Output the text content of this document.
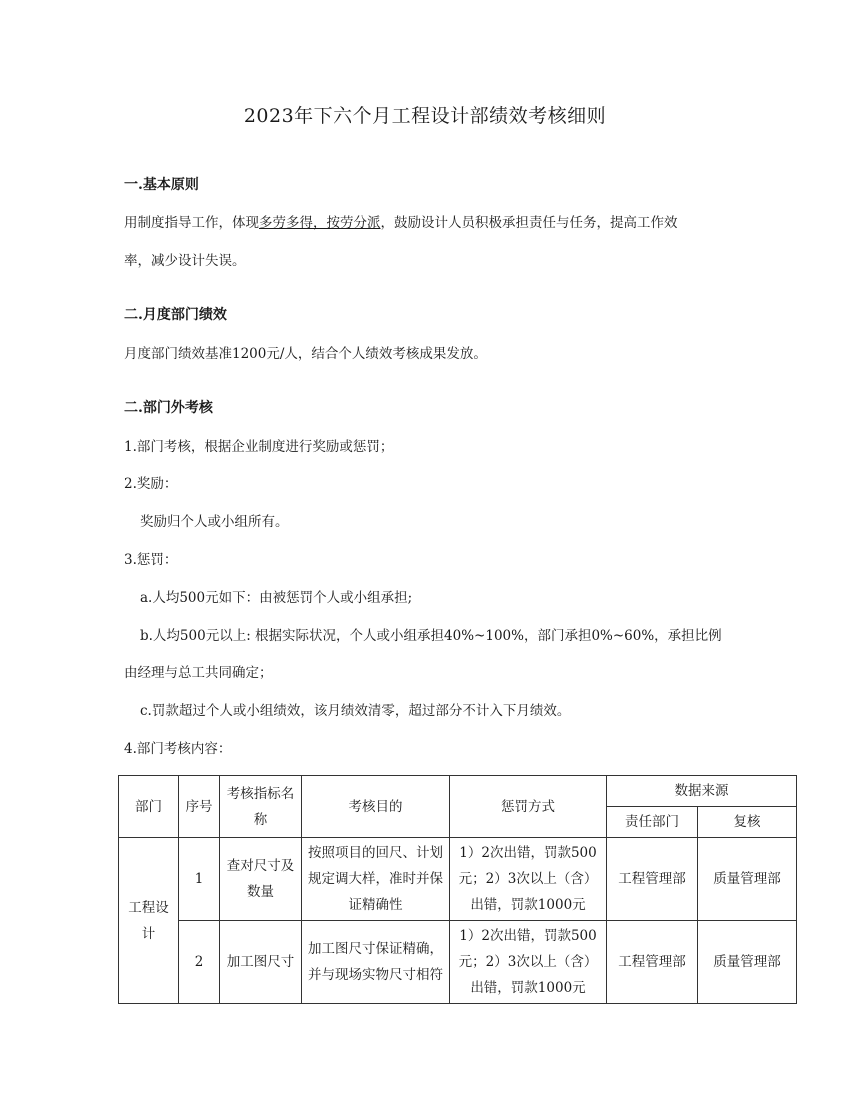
2023年下六个月工程设计部绩效考核细则
一.基本原则
用制度指导工作，体现多劳多得，按劳分派，鼓励设计人员积极承担责任与任务，提高工作效
率，减少设计失误。
二.月度部门绩效
月度部门绩效基准1200元/人，结合个人绩效考核成果发放。
二.部门外考核
1.部门考核，根据企业制度进行奖励或惩罚；
2.奖励：
奖励归个人或小组所有。
3.惩罚：
a.人均500元如下：由被惩罚个人或小组承担;
b.人均500元以上: 根据实际状况，个人或小组承担40%~100%，部门承担0%~60%，承担比例
由经理与总工共同确定；
c.罚款超过个人或小组绩效，该月绩效清零，超过部分不计入下月绩效。
4.部门考核内容：
部门	序号	考核指标名称	考核目的	惩罚方式	数据来源	
					责任部门	复核
工程设计	1	查对尺寸及数量	按照项目的回尺、计划规定调大样，准时并保证精确性	1）2次出错，罚款500元；2）3次以上（含）出错，罚款1000元	工程管理部	质量管理部
	2	加工图尺寸	加工图尺寸保证精确，并与现场实物尺寸相符	1）2次出错，罚款500元；2）3次以上（含）出错，罚款1000元	工程管理部	质量管理部
